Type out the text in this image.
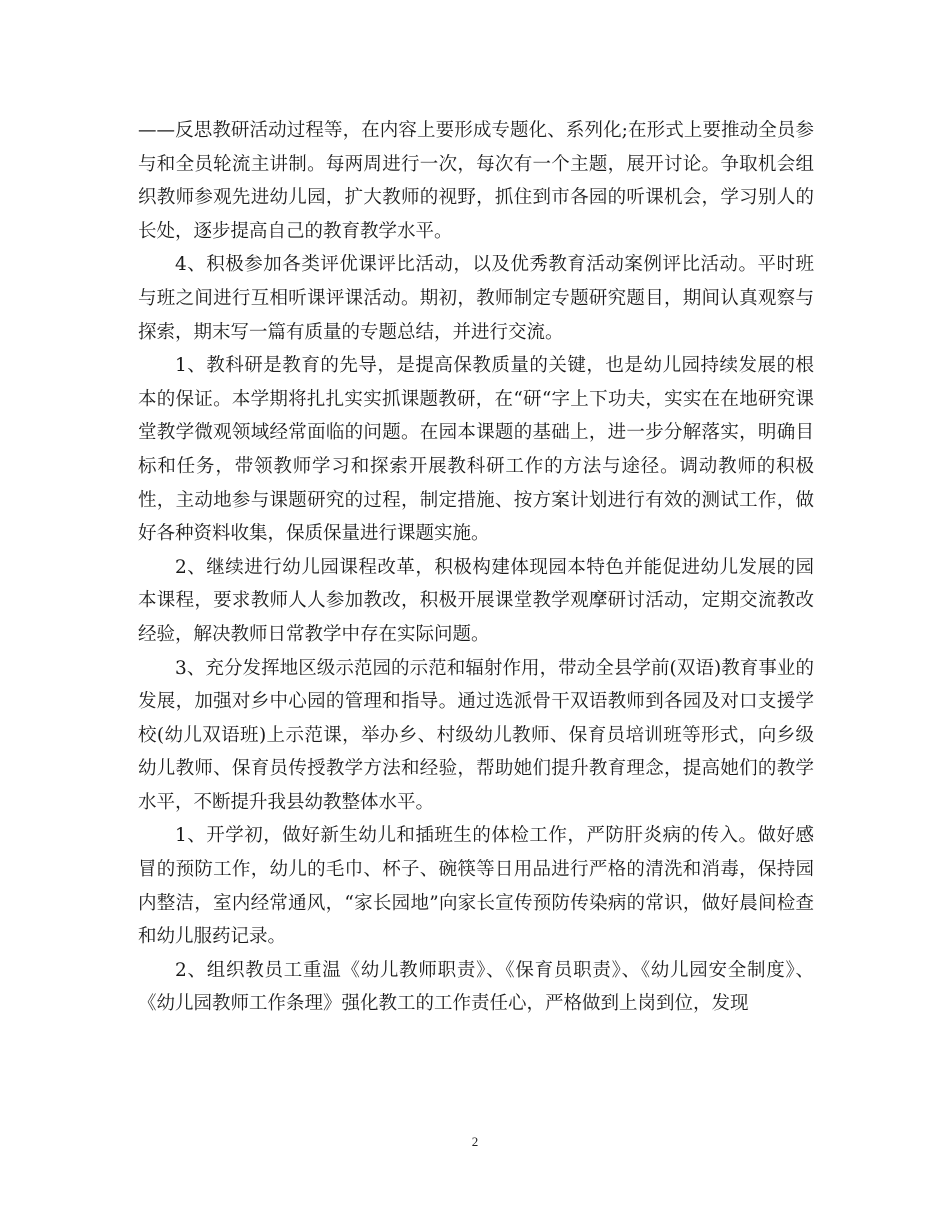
——反思教研活动过程等，在内容上要形成专题化、系列化;在形式上要推动全员参与和全员轮流主讲制。每两周进行一次，每次有一个主题，展开讨论。争取机会组织教师参观先进幼儿园，扩大教师的视野，抓住到市各园的听课机会，学习别人的长处，逐步提高自己的教育教学水平。

4、积极参加各类评优课评比活动，以及优秀教育活动案例评比活动。平时班与班之间进行互相听课评课活动。期初，教师制定专题研究题目，期间认真观察与探索，期末写一篇有质量的专题总结，并进行交流。

1、教科研是教育的先导，是提高保教质量的关键，也是幼儿园持续发展的根本的保证。本学期将扎扎实实抓课题教研，在“研“字上下功夫，实实在在地研究课堂教学微观领域经常面临的问题。在园本课题的基础上，进一步分解落实，明确目标和任务，带领教师学习和探索开展教科研工作的方法与途径。调动教师的积极性，主动地参与课题研究的过程，制定措施、按方案计划进行有效的测试工作，做好各种资料收集，保质保量进行课题实施。

2、继续进行幼儿园课程改革，积极构建体现园本特色并能促进幼儿发展的园本课程，要求教师人人参加教改，积极开展课堂教学观摩研讨活动，定期交流教改经验，解决教师日常教学中存在实际问题。

3、充分发挥地区级示范园的示范和辐射作用，带动全县学前(双语)教育事业的发展，加强对乡中心园的管理和指导。通过选派骨干双语教师到各园及对口支援学校(幼儿双语班)上示范课，举办乡、村级幼儿教师、保育员培训班等形式，向乡级幼儿教师、保育员传授教学方法和经验，帮助她们提升教育理念，提高她们的教学水平，不断提升我县幼教整体水平。

1、开学初，做好新生幼儿和插班生的体检工作，严防肝炎病的传入。做好感冒的预防工作，幼儿的毛巾、杯子、碗筷等日用品进行严格的清洗和消毒，保持园内整洁，室内经常通风，“家长园地”向家长宣传预防传染病的常识，做好晨间检查和幼儿服药记录。

2、组织教员工重温《幼儿教师职责》、《保育员职责》、《幼儿园安全制度》、《幼儿园教师工作条理》强化教工的工作责任心，严格做到上岗到位，发现

2
